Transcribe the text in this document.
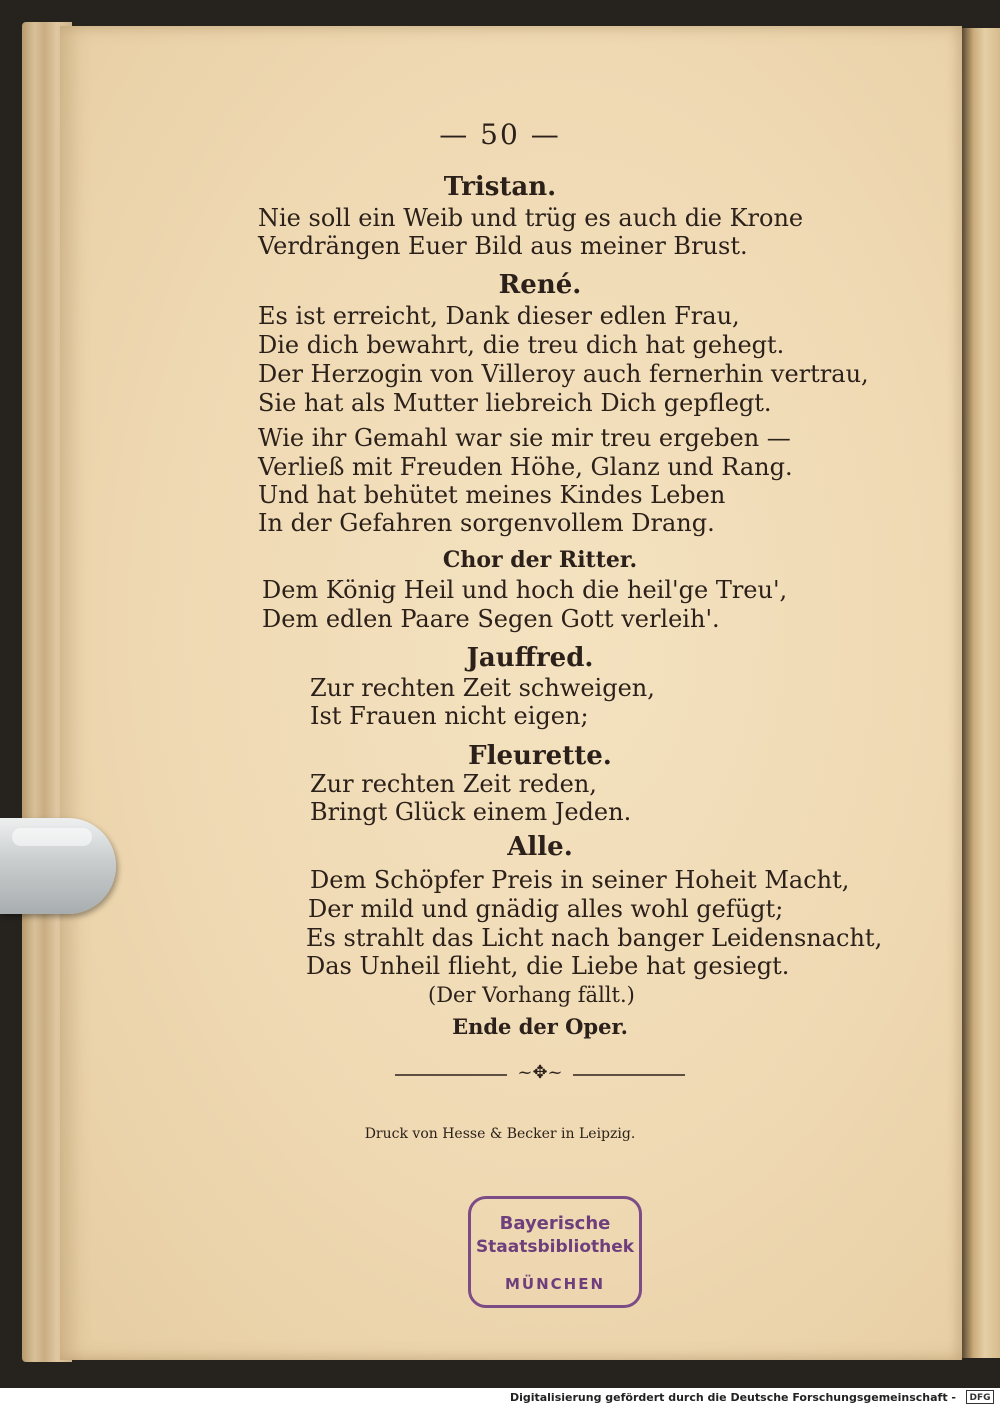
— 50 —
Tristan.
Nie soll ein Weib und trüg es auch die Krone
Verdrängen Euer Bild aus meiner Brust.
René.
Es ist erreicht, Dank dieser edlen Frau,
Die dich bewahrt, die treu dich hat gehegt.
Der Herzogin von Villeroy auch fernerhin vertrau,
Sie hat als Mutter liebreich Dich gepflegt.
Wie ihr Gemahl war sie mir treu ergeben —
Verließ mit Freuden Höhe, Glanz und Rang.
Und hat behütet meines Kindes Leben
In der Gefahren sorgenvollem Drang.
Chor der Ritter.
Dem König Heil und hoch die heil'ge Treu',
Dem edlen Paare Segen Gott verleih'.
Jauffred.
Zur rechten Zeit schweigen,
Ist Frauen nicht eigen;
Fleurette.
Zur rechten Zeit reden,
Bringt Glück einem Jeden.
Alle.
Dem Schöpfer Preis in seiner Hoheit Macht,
Der mild und gnädig alles wohl gefügt;
Es strahlt das Licht nach banger Leidensnacht,
Das Unheil flieht, die Liebe hat gesiegt.
(Der Vorhang fällt.)
Ende der Oper.
~✥~
Druck von Hesse & Becker in Leipzig.
Bayerische
Staatsbibliothek
MÜNCHEN
Digitalisierung gefördert durch die Deutsche Forschungsgemeinschaft -	DFG
